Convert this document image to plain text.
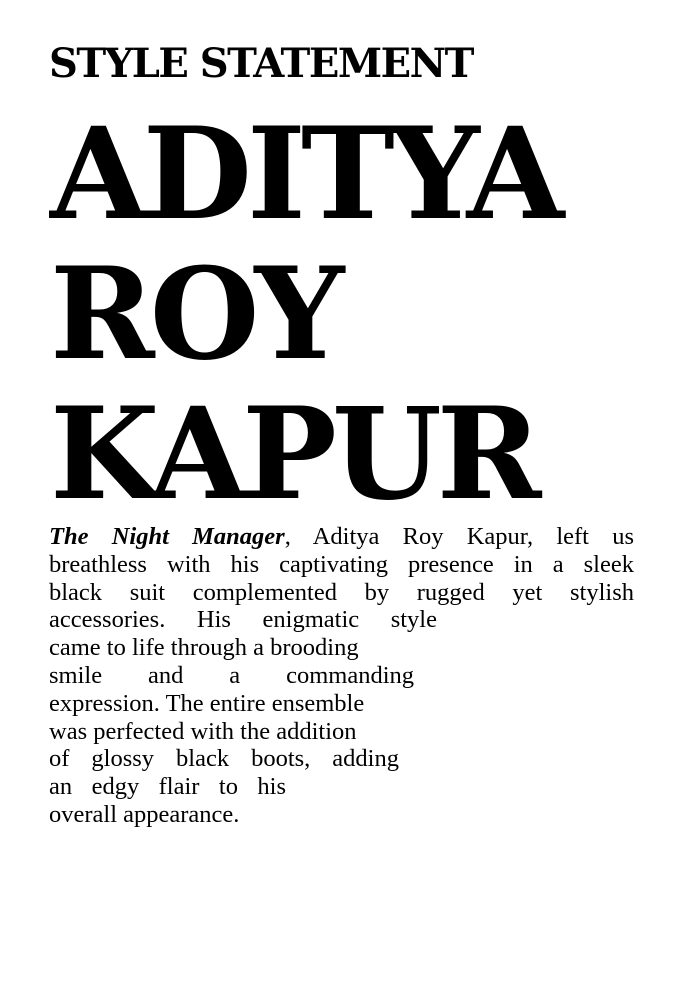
STYLE STATEMENT
ADITYA
ROY
KAPUR
The Night Manager, Aditya Roy Kapur, left us
breathless with his captivating presence in a sleek
black suit complemented by rugged yet stylish
accessories. His enigmatic style
came to life through a brooding
smile and a commanding
expression. The entire ensemble
was perfected with the addition
of glossy black boots, adding
an edgy flair to his
overall appearance.
